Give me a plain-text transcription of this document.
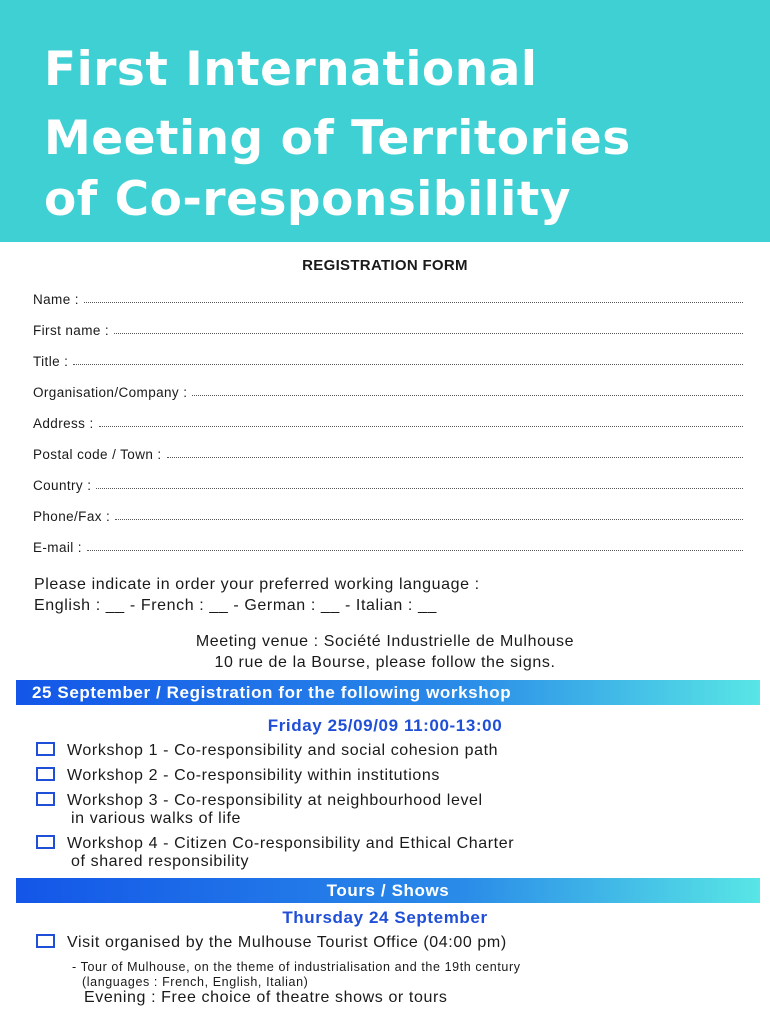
First International
Meeting of Territories
of Co-responsibility
REGISTRATION FORM
Name :
First name :
Title :
Organisation/Company :
Address :
Postal code / Town :
Country :
Phone/Fax :
E-mail :
Please indicate in order your preferred working language :
English : __ - French : __ - German : __ - Italian : __
Meeting venue : Société Industrielle de Mulhouse
10 rue de la Bourse, please follow the signs.
25 September / Registration for the following workshop
Friday 25/09/09 11:00-13:00
Workshop 1 - Co-responsibility and social cohesion path
Workshop 2 - Co-responsibility within institutions
Workshop 3 - Co-responsibility at neighbourhood level
in various walks of life
Workshop 4 - Citizen Co-responsibility and Ethical Charter
of shared responsibility
Tours / Shows
Thursday 24 September
Visit organised by the Mulhouse Tourist Office (04:00 pm)
- Tour of Mulhouse, on the theme of industrialisation and the 19th century
(languages : French, English, Italian)
Evening : Free choice of theatre shows or tours
